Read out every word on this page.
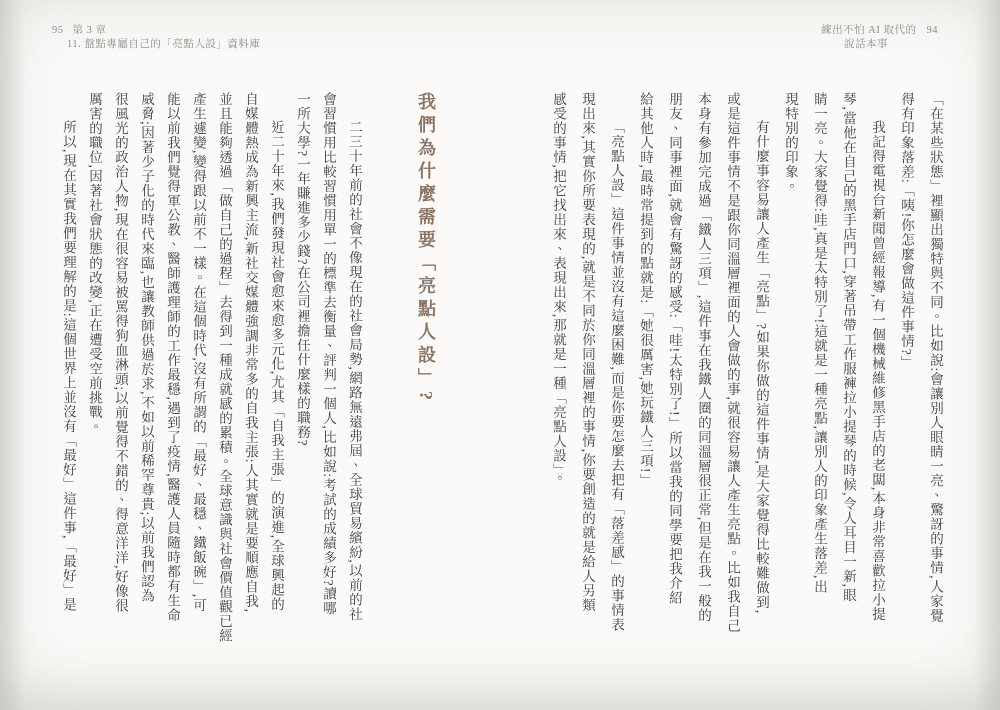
95 第 3 章
11. 盤點專屬自己的「亮點人設」資料庫
練出不怕 AI 取代的 94
說話本事
「在某些狀態」裡顯出獨特與不同。比如說:會讓別人眼睛一亮、驚訝的事情,人家覺
得有印象落差:「咦!你怎麼會做這件事情?」
我記得電視台新聞曾經報導,有一個機械維修黑手店的老闆,本身非常喜歡拉小提
琴,當他在自己的黑手店門口,穿著吊帶工作服褲拉小提琴的時候,令人耳目一新,眼
睛一亮。大家覺得:哇,真是太特別了!這就是一種亮點,讓別人的印象產生落差,出
現特別的印象。
有什麼事容易讓人產生「亮點」?如果你做的這件事情,是大家覺得比較難做到,
或是這件事情不是跟你同溫層裡面的人會做的事,就很容易讓人產生亮點。比如我自己
本身有參加完成過「鐵人三項」,這件事在我鐵人圈的同溫層很正常,但是在我一般的
朋友、同事裡面,就會有驚訝的感受:「哇!太特別了!」所以當我的同學要把我介紹
給其他人時,最時常提到的點就是:「她很厲害,她玩鐵人三項!」
「亮點人設」這件事情並沒有這麼困難,而是你要怎麼去把有「落差感」的事情表
現出來,其實你所要表現的,就是不同於你同溫層裡的事情,你要創造的就是給人另類
感受的事情,把它找出來、表現出來,那就是一種「亮點人設」。
我們為什麼需要「亮點人設」?
二三十年前的社會不像現在的社會局勢,網路無遠弗屆、全球貿易繽紛,以前的社
會習慣用比較習慣用單一的標準去衡量、評判一個人,比如說:考試的成績多好?讀哪
一所大學?一年賺進多少錢?在公司裡擔任什麼樣的職務?
近二十年來,我們發現社會愈來愈多元化,尤其「自我主張」的演進,全球興起的
自媒體熱成為新興主流,新社交媒體強調非常多的自我主張:人其實就是要順應自我,
並且能夠透過「做自己的過程」去得到一種成就感的累積。全球意識與社會價值觀已經
產生遽變,變得跟以前不一樣。在這個時代,沒有所謂的「最好、最穩、鐵飯碗」,可
能以前我們覺得軍公教、醫師護理師的工作最穩,遇到了疫情,醫護人員隨時都有生命
威脅;因著少子化的時代來臨,也讓教師供過於求,不如以前稀罕尊貴;以前我們認為
很風光的政治人物,現在很容易被罵得狗血淋頭;以前覺得不錯的、得意洋洋,好像很
厲害的職位,因著社會狀態的改變,正在遭受空前挑戰。
所以,現在其實我們要理解的是:這個世界上並沒有「最好」這件事,「最好」是
